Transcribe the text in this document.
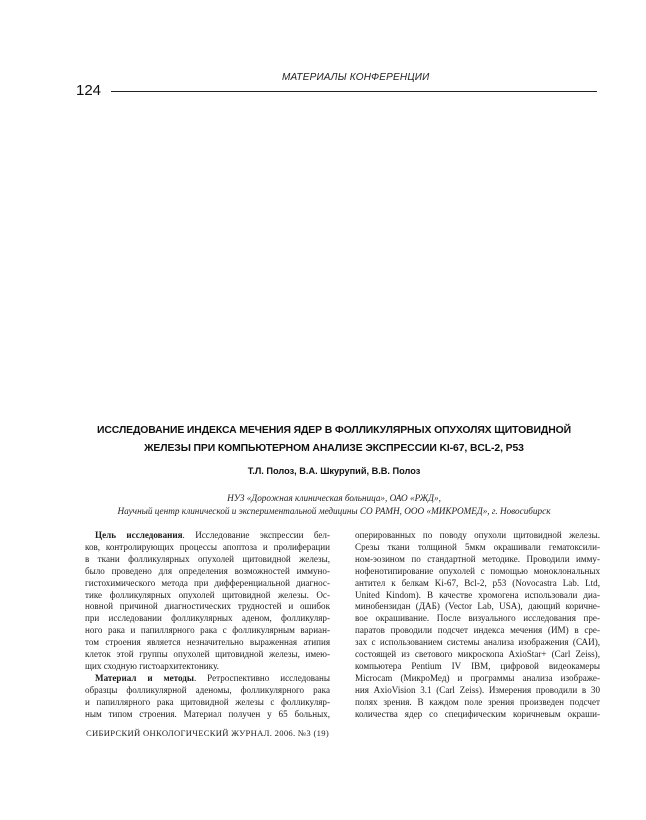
МАТЕРИАЛЫ КОНФЕРЕНЦИИ
124
ИССЛЕДОВАНИЕ ИНДЕКСА МЕЧЕНИЯ ЯДЕР В ФОЛЛИКУЛЯРНЫХ ОПУХОЛЯХ ЩИТОВИДНОЙ
ЖЕЛЕЗЫ ПРИ КОМПЬЮТЕРНОМ АНАЛИЗЕ ЭКСПРЕССИИ KI-67, BCL-2, P53
Т.Л. Полоз, В.А. Шкурупий, В.В. Полоз
НУЗ «Дорожная клиническая больница», ОАО «РЖД»,
Научный центр клинической и экспериментальной медицины СО РАМН, ООО «МИКРОМЕД», г. Новосибирск
Цель исследования. Исследование экспрессии бел-
ков, контролирующих процессы апоптоза и пролиферации
в ткани фолликулярных опухолей щитовидной железы,
было проведено для определения возможностей иммуно-
гистохимического метода при дифференциальной диагнос-
тике фолликулярных опухолей щитовидной железы. Ос-
новной причиной диагностических трудностей и ошибок
при исследовании фолликулярных аденом, фолликуляр-
ного рака и папиллярного рака с фолликулярным вариан-
том строения является незначительно выраженная атипия
клеток этой группы опухолей щитовидной железы, имею-
щих сходную гистоархитектонику.
Материал и методы. Ретроспективно исследованы
образцы фолликулярной аденомы, фолликулярного рака
и папиллярного рака щитовидной железы с фолликуляр-
ным типом строения. Материал получен у 65 больных,
оперированных по поводу опухоли щитовидной железы.
Срезы ткани толщиной 5мкм окрашивали гематоксили-
ном-эозином по стандартной методике. Проводили имму-
нофенотипирование опухолей с помощью моноклональных
антител к белкам Ki-67, Bcl-2, p53 (Novocastra Lab. Ltd,
United Kindom). В качестве хромогена использовали диа-
минобензидан (ДАБ) (Vector Lab, USA), дающий коричне-
вое окрашивание. После визуального исследования пре-
паратов проводили подсчет индекса мечения (ИМ) в сре-
зах с использованием системы анализа изображения (САИ),
состоящей из светового микроскопа AxioStar+ (Carl Zeiss),
компьютера Pentium IV IBM, цифровой видеокамеры
Microcam (МикроМед) и программы анализа изображе-
ния AxioVision 3.1 (Carl Zeiss). Измерения проводили в 30
полях зрения. В каждом поле зрения произведен подсчет
количества ядер со специфическим коричневым окраши-
СИБИРСКИЙ ОНКОЛОГИЧЕСКИЙ ЖУРНАЛ. 2006. №3 (19)
